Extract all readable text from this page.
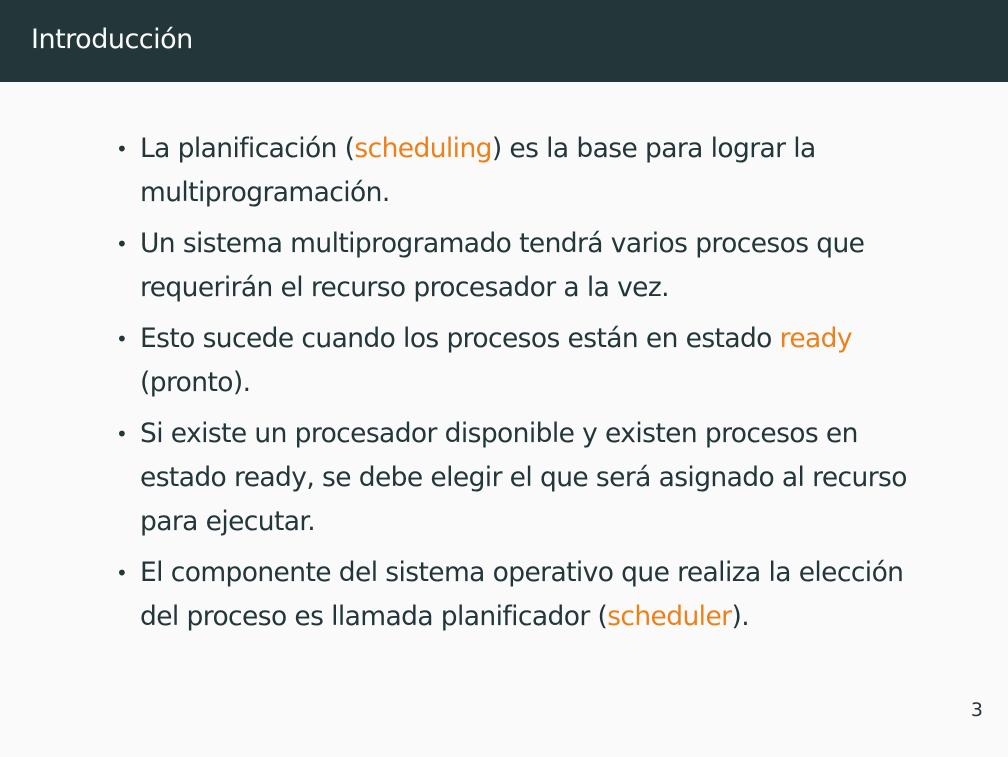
Introducción
• La planificación (scheduling) es la base para lograr la multiprogramación.
• Un sistema multiprogramado tendrá varios procesos que requerirán el recurso procesador a la vez.
• Esto sucede cuando los procesos están en estado ready (pronto).
• Si existe un procesador disponible y existen procesos en estado ready, se debe elegir el que será asignado al recurso para ejecutar.
• El componente del sistema operativo que realiza la elección del proceso es llamada planificador (scheduler).
3
